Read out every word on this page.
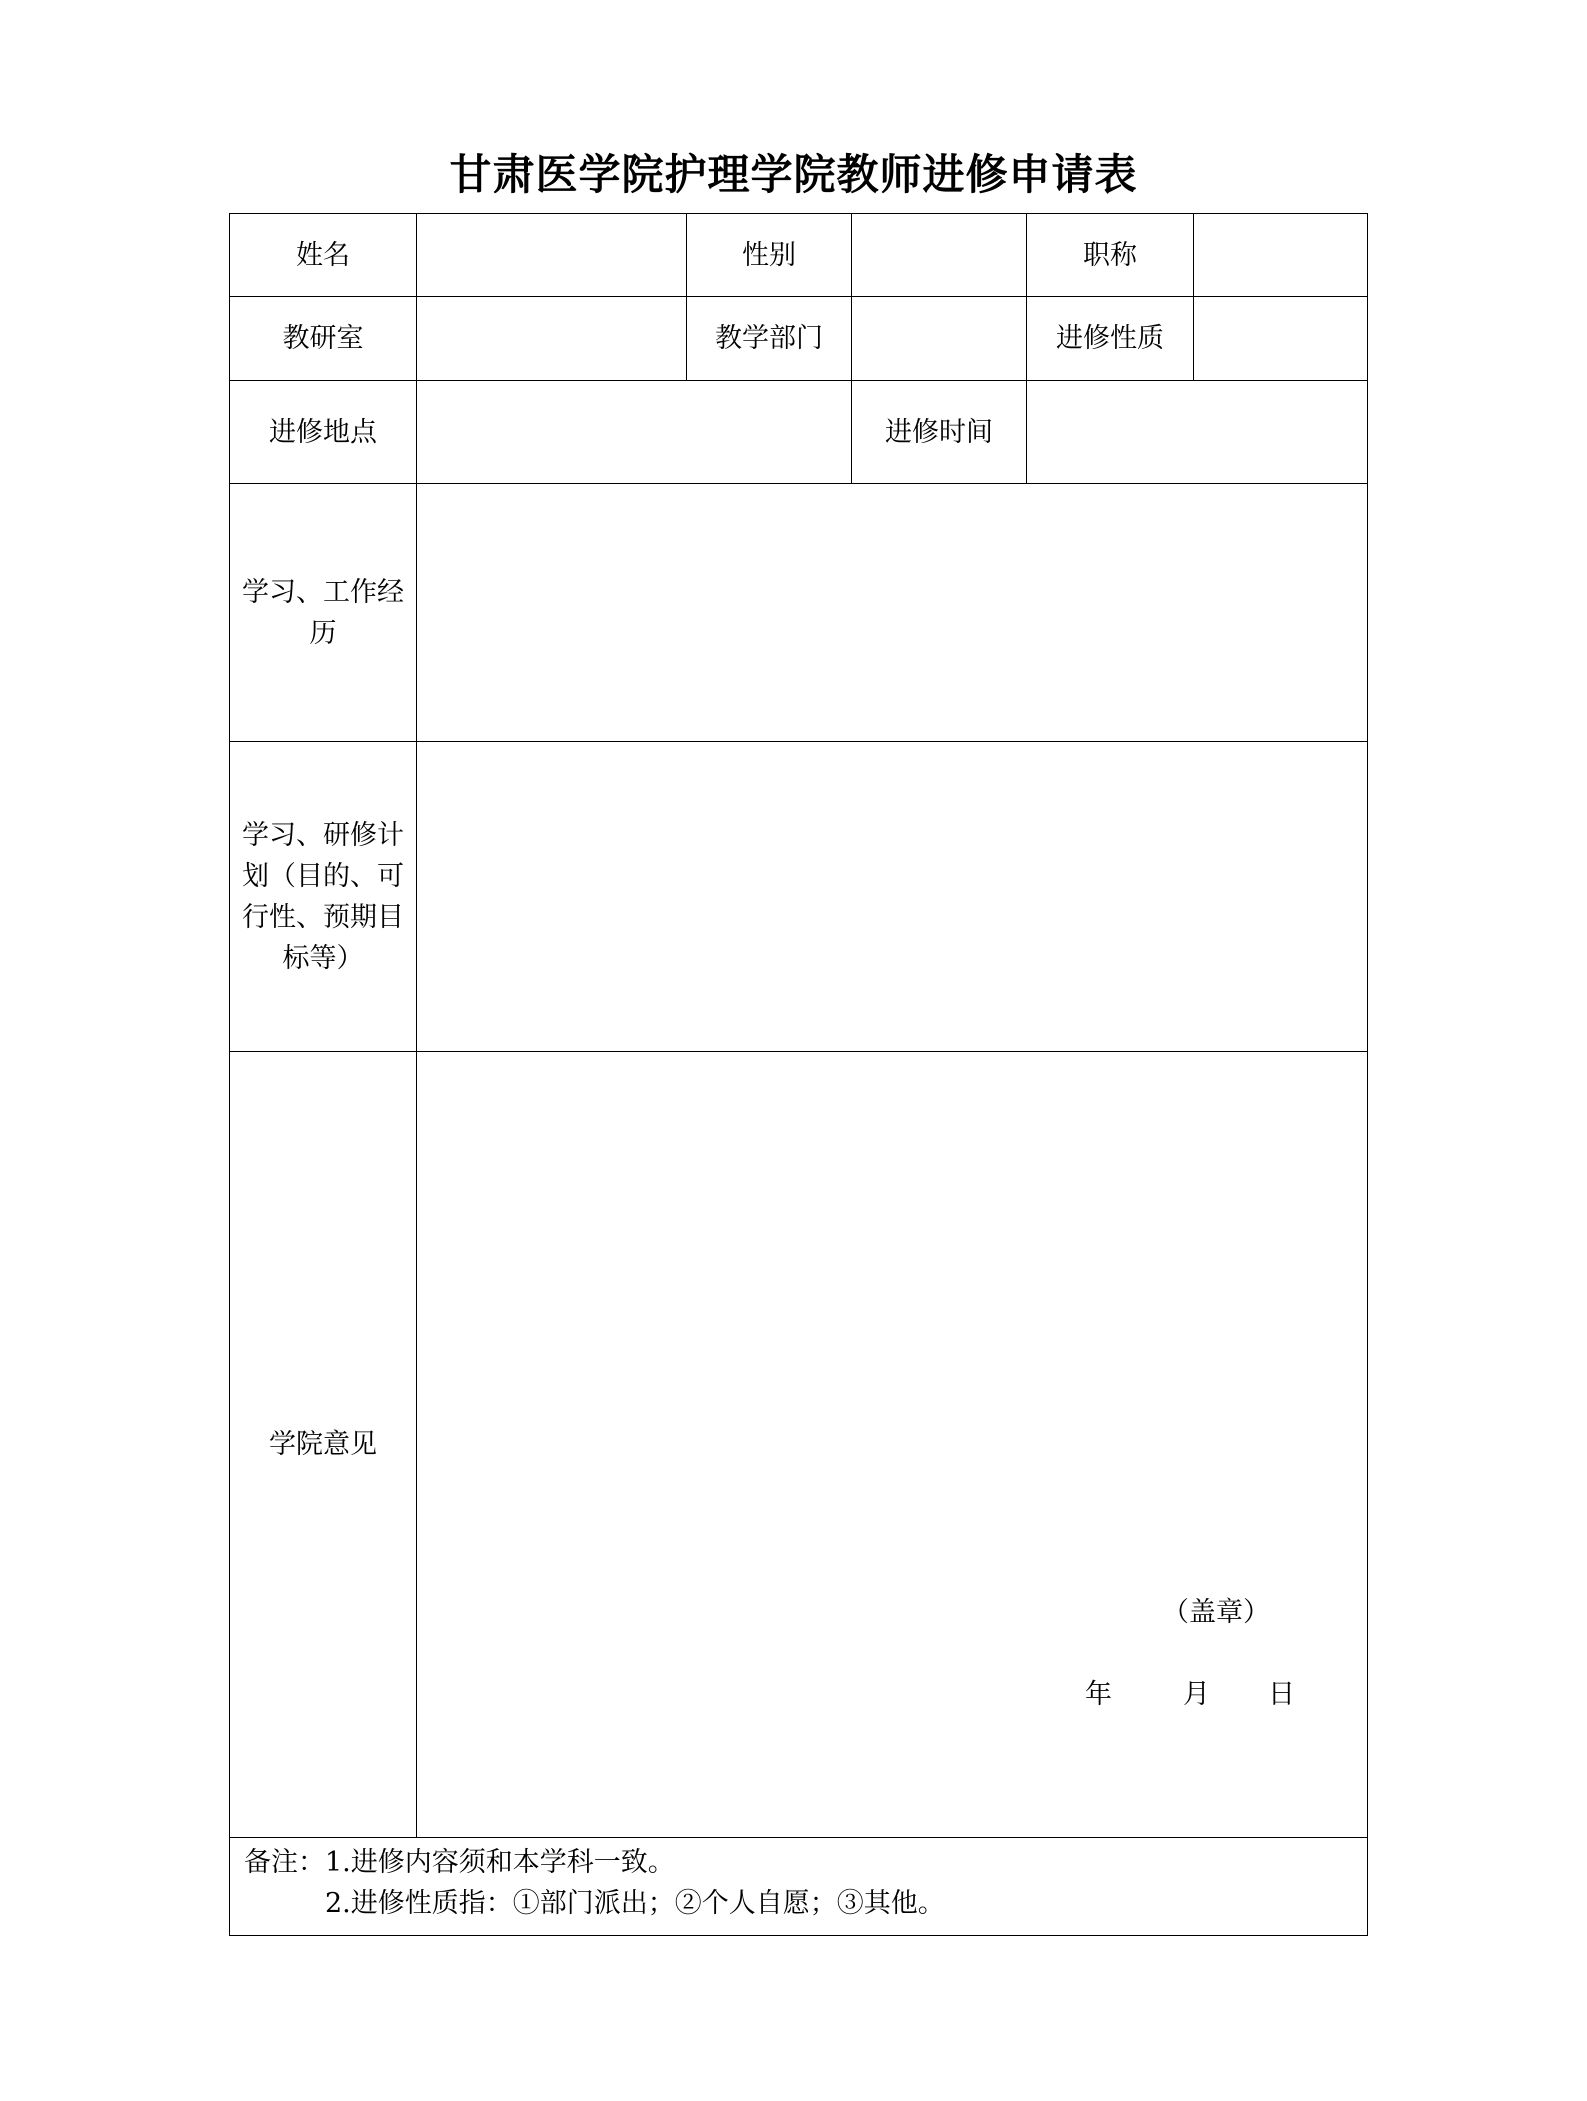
甘肃医学院护理学院教师进修申请表
姓名		性别		职称	
教研室		教学部门		进修性质	
进修地点			进修时间		
学习、工作经历					
学习、研修计划（目的、可行性、预期目标等）					
学院意见	（盖章）
年 月 日				

备注：1.进修内容须和本学科一致。
2.进修性质指：①部门派出；②个人自愿；③其他。					
